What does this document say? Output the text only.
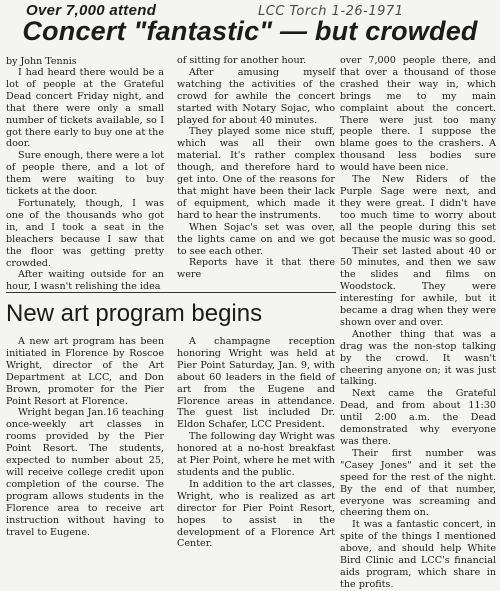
Over 7,000 attend	LCC Torch 1-26-1971
Concert "fantastic" — but crowded
by John Tennis

I had heard there would be a lot of people at the Grateful Dead concert Friday night, and that there were only a small number of tickets available, so I got there early to buy one at the door.

Sure enough, there were a lot of people there, and a lot of them were waiting to buy tickets at the door.

Fortunately, though, I was one of the thousands who got in, and I took a seat in the bleachers because I saw that the floor was getting pretty crowded.

After waiting outside for an hour, I wasn't relishing the idea

of sitting for another hour.

After amusing myself watching the activities of the crowd for awhile the concert started with Notary Sojac, who played for about 40 minutes.

They played some nice stuff, which was all their own material. It's rather complex though, and therefore hard to get into. One of the reasons for that might have been their lack of equipment, which made it hard to hear the instruments.

When Sojac's set was over, the lights came on and we got to see each other.

Reports have it that there were

over 7,000 people there, and that over a thousand of those crashed their way in, which brings me to my main complaint about the concert. There were just too many people there. I suppose the blame goes to the crashers. A thousand less bodies sure would have been nice.

The New Riders of the Purple Sage were next, and they were great. I didn't have too much time to worry about all the people during this set because the music was so good.

Their set lasted about 40 or 50 minutes, and then we saw the slides and films on Woodstock. They were interesting for awhile, but it became a drag when they were shown over and over.

Another thing that was a drag was the non-stop talking by the crowd. It wasn't cheering anyone on; it was just talking.

Next came the Grateful Dead, and from about 11:30 until 2:00 a.m. the Dead demonstrated why everyone was there.

Their first number was "Casey Jones" and it set the speed for the rest of the night. By the end of that number, everyone was screaming and cheering them on.

It was a fantastic concert, in spite of the things I mentioned above, and should help White Bird Clinic and LCC's financial aids program, which share in the profits.

New art program begins

A new art program has been initiated in Florence by Roscoe Wright, director of the Art Department at LCC, and Don Brown, promoter for the Pier Point Resort at Florence.

Wright began Jan.16 teaching once-weekly art classes in rooms provided by the Pier Point Resort. The students, expected to number about 25, will receive college credit upon completion of the course. The program allows students in the Florence area to receive art instruction without having to travel to Eugene.

A champagne reception honoring Wright was held at Pier Point Saturday, Jan. 9, with about 60 leaders in the field of art from the Eugene and Florence areas in attendance. The guest list included Dr. Eldon Schafer, LCC President.

The following day Wright was honored at a no-host breakfast at Pier Point, where he met with students and the public.

In addition to the art classes, Wright, who is realized as art director for Pier Point Resort, hopes to assist in the development of a Florence Art Center.
